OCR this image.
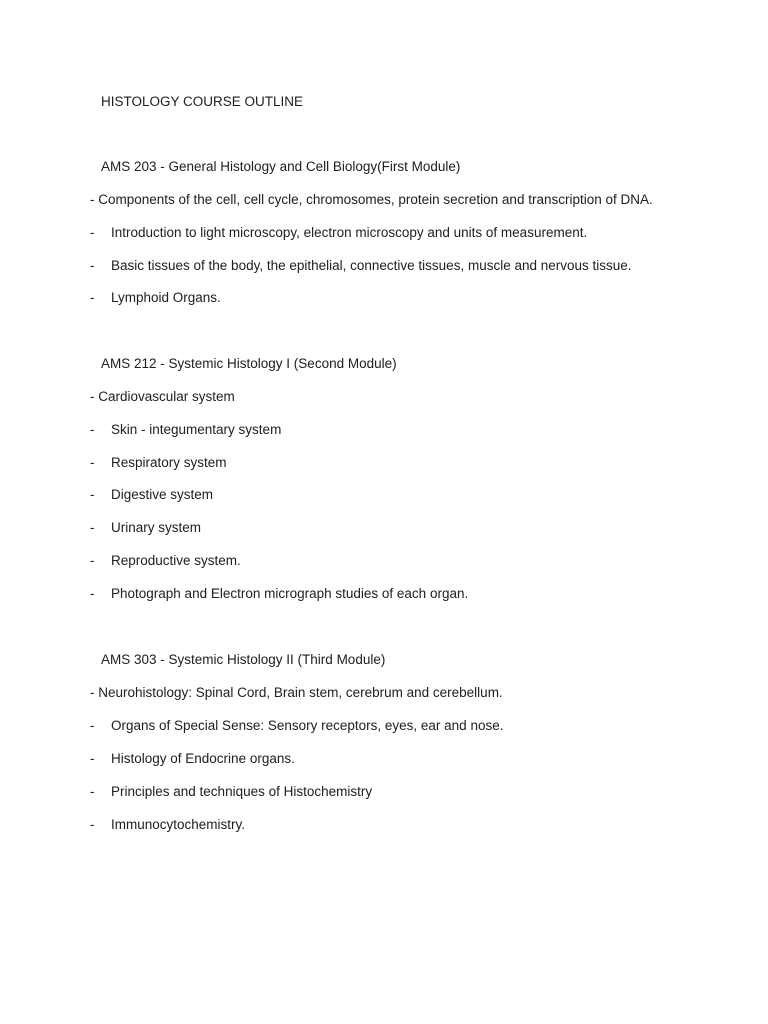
HISTOLOGY COURSE OUTLINE
AMS 203 - General Histology and Cell Biology(First Module)
- Components of the cell, cell cycle, chromosomes, protein secretion and transcription of DNA.
- Introduction to light microscopy, electron microscopy and units of measurement.
- Basic tissues of the body, the epithelial, connective tissues, muscle and nervous tissue.
- Lymphoid Organs.
AMS 212 - Systemic Histology I (Second Module)
- Cardiovascular system
- Skin - integumentary system
- Respiratory system
- Digestive system
- Urinary system
- Reproductive system.
- Photograph and Electron micrograph studies of each organ.
AMS 303 - Systemic Histology II (Third Module)
- Neurohistology: Spinal Cord, Brain stem, cerebrum and cerebellum.
- Organs of Special Sense: Sensory receptors, eyes, ear and nose.
- Histology of Endocrine organs.
- Principles and techniques of Histochemistry
- Immunocytochemistry.
